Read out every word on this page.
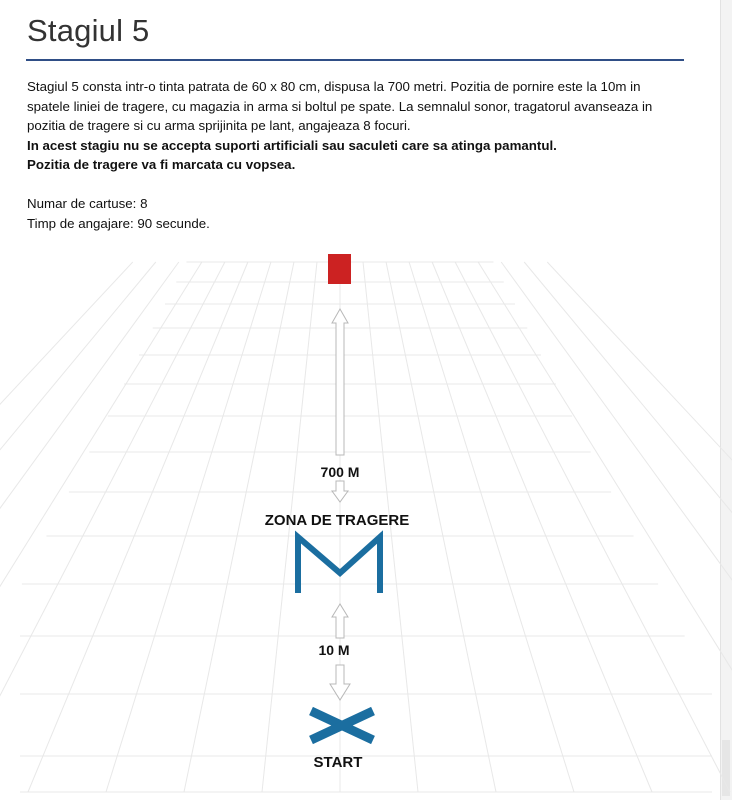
Stagiul 5

Stagiul 5 consta intr-o tinta patrata de 60 x 80 cm, dispusa la 700 metri. Pozitia de pornire este la 10m in

spatele liniei de tragere, cu magazia in arma si boltul pe spate. La semnalul sonor, tragatorul avanseaza in

pozitia de tragere si cu arma sprijinita pe lant, angajeaza 8 focuri.

In acest stagiu nu se accepta suporti artificiali sau saculeti care sa atinga pamantul.

Pozitia de tragere va fi marcata cu vopsea.

Numar de cartuse: 8

Timp de angajare: 90 secunde.

700 M
ZONA DE TRAGERE
10 M
START
